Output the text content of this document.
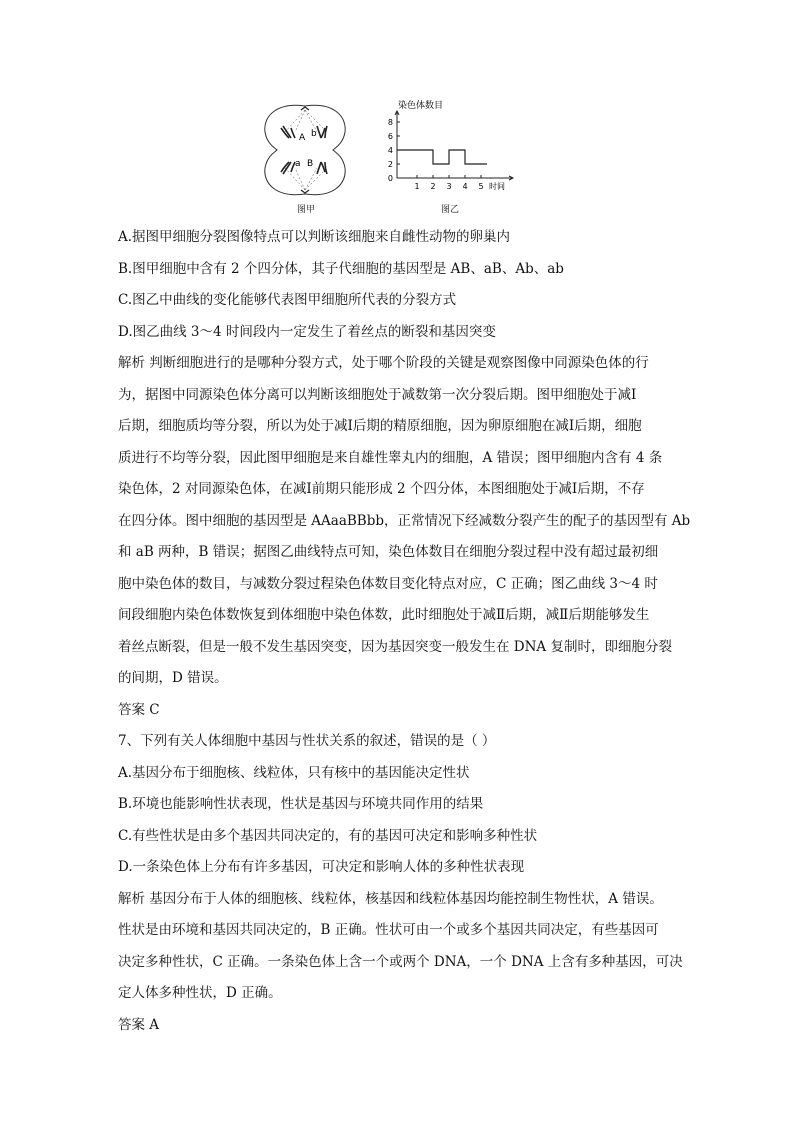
A b
a B
图甲
染色体数目
8
6
4
2
0
1 2 3 4 5 时间
图乙
A.据图甲细胞分裂图像特点可以判断该细胞来自雌性动物的卵巢内
B.图甲细胞中含有 2 个四分体，其子代细胞的基因型是 AB、aB、Ab、ab
C.图乙中曲线的变化能够代表图甲细胞所代表的分裂方式
D.图乙曲线 3～4 时间段内一定发生了着丝点的断裂和基因突变
解析 判断细胞进行的是哪种分裂方式，处于哪个阶段的关键是观察图像中同源染色体的行
为，据图中同源染色体分离可以判断该细胞处于减数第一次分裂后期。图甲细胞处于减Ⅰ
后期，细胞质均等分裂，所以为处于减Ⅰ后期的精原细胞，因为卵原细胞在减Ⅰ后期，细胞
质进行不均等分裂，因此图甲细胞是来自雄性睾丸内的细胞，A 错误；图甲细胞内含有 4 条
染色体，2 对同源染色体，在减Ⅰ前期只能形成 2 个四分体，本图细胞处于减Ⅰ后期，不存
在四分体。图中细胞的基因型是 AAaaBBbb，正常情况下经减数分裂产生的配子的基因型有 Ab
和 aB 两种，B 错误；据图乙曲线特点可知，染色体数目在细胞分裂过程中没有超过最初细
胞中染色体的数目，与减数分裂过程染色体数目变化特点对应，C 正确；图乙曲线 3～4 时
间段细胞内染色体数恢复到体细胞中染色体数，此时细胞处于减Ⅱ后期，减Ⅱ后期能够发生
着丝点断裂，但是一般不发生基因突变，因为基因突变一般发生在 DNA 复制时，即细胞分裂
的间期，D 错误。
答案 C
7、下列有关人体细胞中基因与性状关系的叙述，错误的是（ ）
A.基因分布于细胞核、线粒体，只有核中的基因能决定性状
B.环境也能影响性状表现，性状是基因与环境共同作用的结果
C.有些性状是由多个基因共同决定的，有的基因可决定和影响多种性状
D.一条染色体上分布有许多基因，可决定和影响人体的多种性状表现
解析 基因分布于人体的细胞核、线粒体，核基因和线粒体基因均能控制生物性状，A 错误。
性状是由环境和基因共同决定的，B 正确。性状可由一个或多个基因共同决定，有些基因可
决定多种性状，C 正确。一条染色体上含一个或两个 DNA，一个 DNA 上含有多种基因，可决
定人体多种性状，D 正确。
答案 A
